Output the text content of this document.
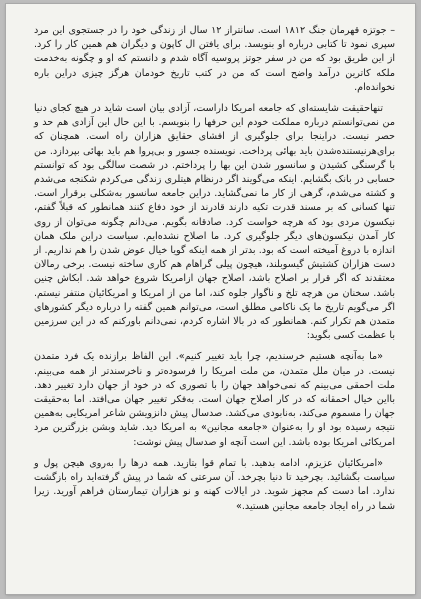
– جوتزه قهرمان جنگ ۱۸۱۲ است. سانتراز ۱۲ سال از زندگی خود را در جستجوی این مرد سپری نمود تا کتابی درباره او بنویسد. برای یافتن ال کاپون و دیگران هم همین کار را کرد. از این طریق بود که من در سفر جوتز پروسیه آگاه شدم و دانستم که او و چگونه به‌خدمت ملکه کاترین درآمد واضح است که من در کتب تاریخ خودمان هرگز چیزی دراین باره نخوانده‌ام.

تنها‌حقیقت شایسته‌ای که جامعه امریکا داراست، آزادی بیان است شاید در هیچ کجای دنیا من نمی‌توانستم درباره مملکت خودم این حرفها را بنویسم. با این حال این آزادی هم حد و حصر نیست. دراینجا برای جلوگیری از افشای حقایق هزاران راه است. همچنان که برای‌هرنیستنده‌شدن باید بهائی پرداخت. نویسنده جسور و بی‌پروا هم باید بهائی بپردازد. من با گرسنگی کشیدن و سانسور شدن این بها را پرداختم. در شصت سالگی بود که توانستم حسابی در بانک بگشایم. اینکه می‌گویند اگر درنظام هیتلری زندگی می‌کردم شکنجه می‌شدم و کشته می‌شدم، گرهی از کار ما نمی‌گشاید. دراین جامعه سانسور به‌شکلی برقرار است. تنها کسانی که بر مسند قدرت تکیه دارند قادرند از خود دفاع کنند همانطور که قبلاً گفتم، نیکسون مردی بود که هرچه خواست کرد. صادقانه بگویم. می‌دانم چگونه می‌توان از روی کار آمدن نیکسون‌های دیگر جلوگیری کرد. ما اصلاح نشده‌ایم. سیاست دراین ملک همان اندازه با دروغ آمیخته است که بود. بدتر از همه اینکه گویا خیال عوض شدن را هم نداریم. از دست هزاران کشتیش گیسوبلند، هیچون پیلی گراهام هم کاری ساخته نیست. برخی رمالان معتقدند که اگر قرار بر اصلاح باشد، اصلاح جهان ازامریکا شروع خواهد شد. ابکاش چنین باشد. سخنان من هرچه تلخ و ناگوار جلوه کند، اما من از امریکا و امریکائیان منتفر نیستم. اگر می‌گویم تاریخ ما یک ناکامی مطلق است، می‌توانم همین گفته را درباره دیگر کشورهای متمدن هم تکرار کنم. همانطور که در بالا اشاره کردم، نمی‌دانم باورکنم که در این سرزمین با عظمت کسی بگوید:

«ما به‌آنچه هستیم خرسندیم، چرا باید تغییر کنیم». این الفاظ برازنده یک فرد متمدن نیست. در میان ملل متمدن، من ملت امریکا را فرسوده‌تر و ناخرسندتر از همه می‌بینم. ملت احمقی می‌بینم که نمی‌خواهد جهان را با تصوری که در خود از جهان دارد تغییر دهد. بااین خیال احمقانه که در کار اصلاح جهان است. به‌فکر تغییر جهان می‌افتد. اما به‌حقیقت جهان را مسموم می‌کند، به‌نابودی می‌کشد. صدسال پیش دانزویشن شاعر امریکایی به‌همین نتیجه رسیده بود او را به‌عنوان «جامعه مجانین» به امریکا دید. شاید وبشن بزرگترین مرد امریکائی امریکا بوده باشد. این است آنچه او صدسال پیش نوشت:

«امریکائیان عزیزم، ادامه بدهید. با تمام قوا بتازید. همه درها را به‌روی هیچن پول و سیاست بگشائید. بچرخید تا دنیا بچرخد. آن سرعتی که شما در پیش گرفته‌اید راه بازگشت ندارد. اما دست کم مجهز شوید. در ایالات کهنه و نو هزاران تیمارستان فراهم آورید. زیرا شما در راه ایجاد جامعه مجانین هستید.»
